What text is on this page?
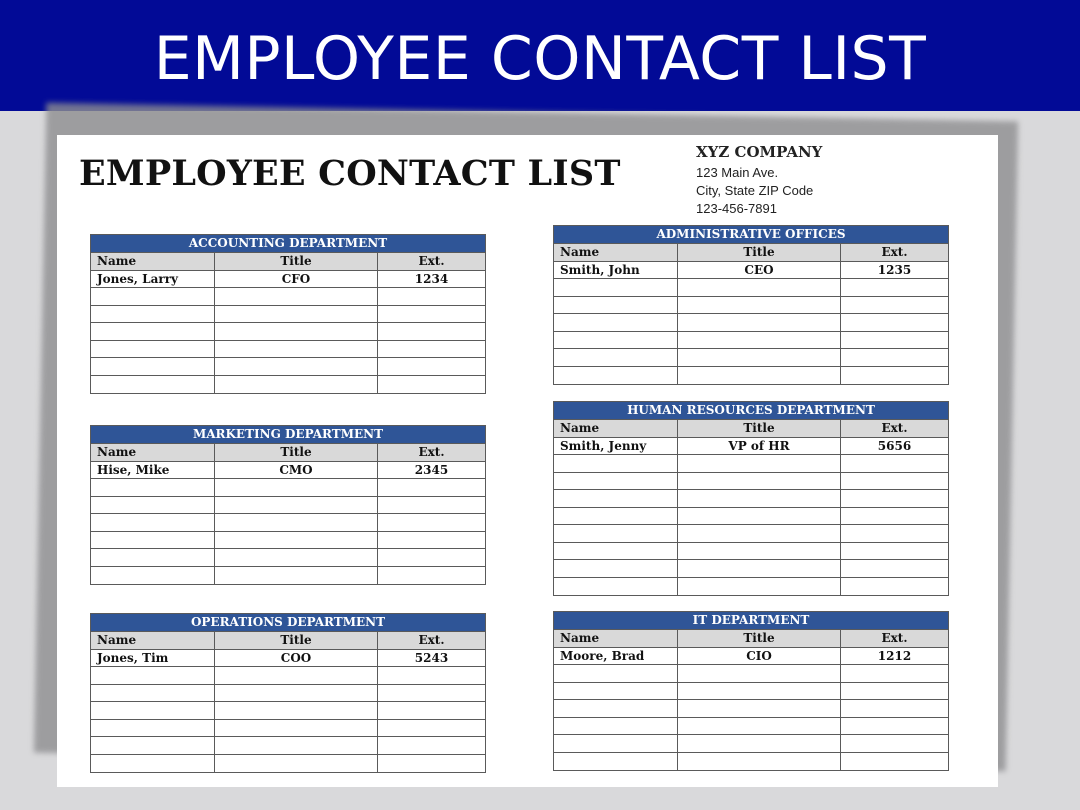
EMPLOYEE CONTACT LIST
EMPLOYEE CONTACT LIST
XYZ COMPANY
123 Main Ave.
City, State ZIP Code
123-456-7891
ACCOUNTING DEPARTMENT
Name	Title	Ext.
Jones, Larry	CFO	1234
ADMINISTRATIVE OFFICES
Name	Title	Ext.
Smith, John	CEO	1235
MARKETING DEPARTMENT
Name	Title	Ext.
Hise, Mike	CMO	2345
HUMAN RESOURCES DEPARTMENT
Name	Title	Ext.
Smith, Jenny	VP of HR	5656
OPERATIONS DEPARTMENT
Name	Title	Ext.
Jones, Tim	COO	5243
IT DEPARTMENT
Name	Title	Ext.
Moore, Brad	CIO	1212
